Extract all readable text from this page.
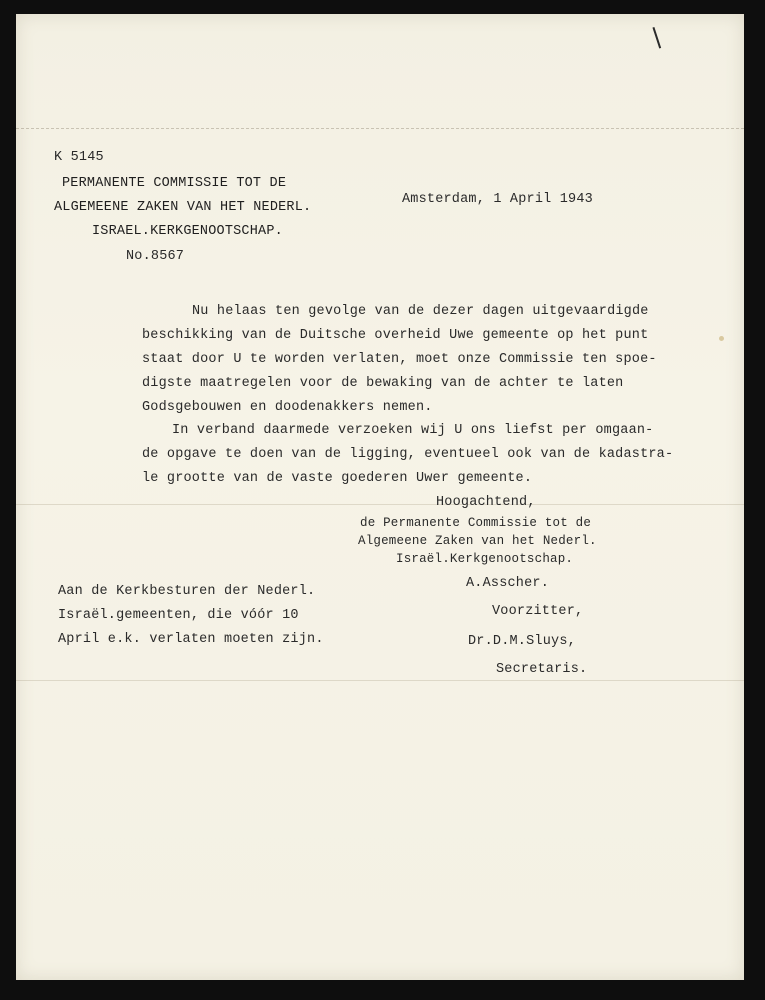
K 5145

PERMANENTE COMMISSIE TOT DE

ALGEMEENE ZAKEN VAN HET NEDERL.

ISRAEL.KERKGENOOTSCHAP.

No.8567

Amsterdam, 1 April 1943

Nu helaas ten gevolge van de dezer dagen uitgevaardigde

beschikking van de Duitsche overheid Uwe gemeente op het punt

staat door U te worden verlaten, moet onze Commissie ten spoe-

digste maatregelen voor de bewaking van de achter te laten

Godsgebouwen en doodenakkers nemen.

In verband daarmede verzoeken wij U ons liefst per omgaan-

de opgave te doen van de ligging, eventueel ook van de kadastra-

le grootte van de vaste goederen Uwer gemeente.

Hoogachtend,

de Permanente Commissie tot de

Algemeene Zaken van het Nederl.

Israël.Kerkgenootschap.

Aan de Kerkbesturen der Nederl.

Israël.gemeenten, die vóór 10

April e.k. verlaten moeten zijn.

A.Asscher.

Voorzitter,

Dr.D.M.Sluys,

Secretaris.
